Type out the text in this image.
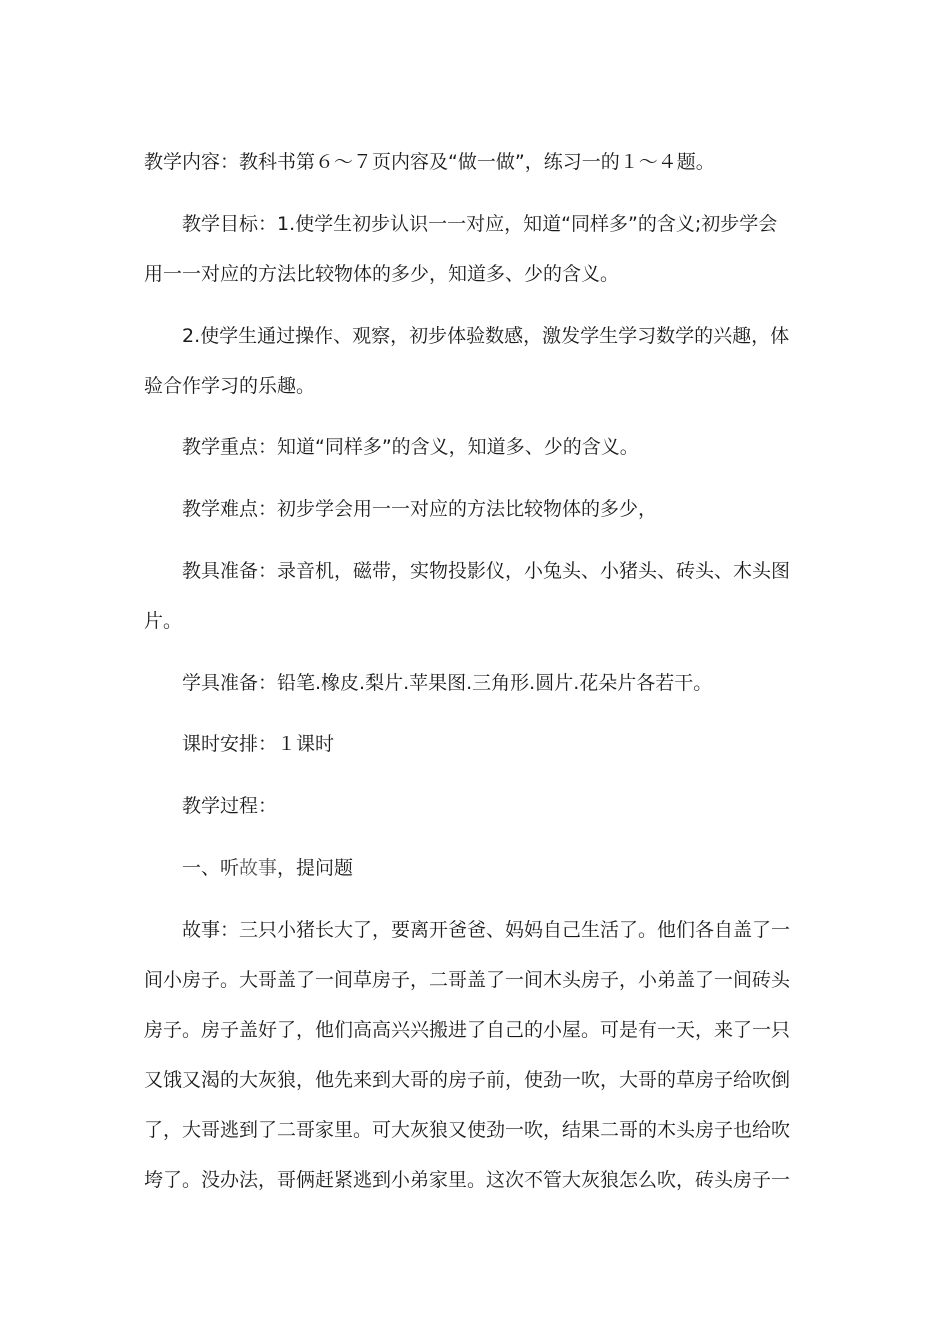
教学内容：教科书第６～７页内容及“做一做”，练习一的１～４题。
教学目标：1.使学生初步认识一一对应，知道“同样多”的含义;初步学会
用一一对应的方法比较物体的多少，知道多、少的含义。
2.使学生通过操作、观察，初步体验数感，激发学生学习数学的兴趣，体
验合作学习的乐趣。
教学重点：知道“同样多”的含义，知道多、少的含义。
教学难点：初步学会用一一对应的方法比较物体的多少，
教具准备：录音机，磁带，实物投影仪，小兔头、小猪头、砖头、木头图
片。
学具准备：铅笔.橡皮.梨片.苹果图.三角形.圆片.花朵片各若干。
课时安排：１课时
教学过程：
一、听故事，提问题
故事：三只小猪长大了，要离开爸爸、妈妈自己生活了。他们各自盖了一
间小房子。大哥盖了一间草房子，二哥盖了一间木头房子，小弟盖了一间砖头
房子。房子盖好了，他们高高兴兴搬进了自己的小屋。可是有一天，来了一只
又饿又渴的大灰狼，他先来到大哥的房子前，使劲一吹，大哥的草房子给吹倒
了，大哥逃到了二哥家里。可大灰狼又使劲一吹，结果二哥的木头房子也给吹
垮了。没办法，哥俩赶紧逃到小弟家里。这次不管大灰狼怎么吹，砖头房子一
